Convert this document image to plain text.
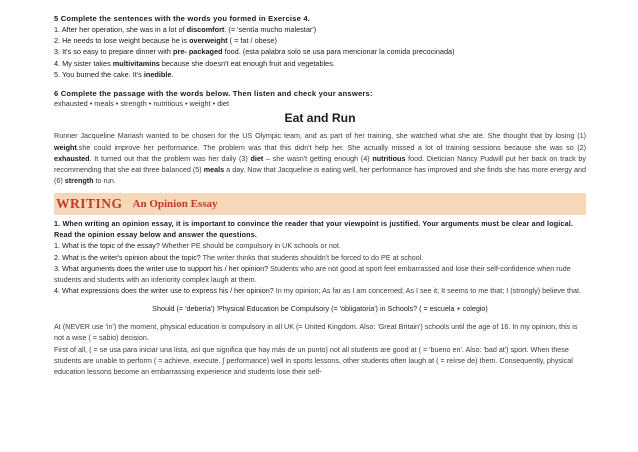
5 Complete the sentences with the words you formed in Exercise 4.

1. After her operation, she was in a lot of discomfort. (= 'sentía mucho malestar')
2. He needs to lose weight because he is overweight ( = fat / obese)
3. It's so easy to prepare dinner with pre- packaged food. (esta palabra solo se usa para mencionar la comida precocinada)
4. My sister takes multivitamins because she doesn't eat enough fruit and vegetables.
5. You burned the cake. It's inedible.

6 Complete the passage with the words below. Then listen and check your answers:

exhausted • meals • strength • nutritious • weight • diet
Eat and Run

Runner Jacqueline Mariash wanted to be chosen for the US Olympic team, and as part of her training, she watched what she ate. She thought that by losing (1) weight,she could improve her performance. The problem was that this didn't help her. She actually missed a lot of training sessions because she was so (2) exhausted. It turned out that the problem was her daily (3) diet – she wasn't getting enough (4) nutritious food. Dietician Nancy Pudwill put her back on track by recommending that she eat three balanced (5) meals a day. Now that Jacqueline is eating well, her performance has improved and she finds she has more energy and (6) strength to run.

WRITING An Opinion Essay

1. When writing an opinion essay, it is important to convince the reader that your viewpoint is justified. Your arguments must be clear and logical. Read the opinion essay below and answer the questions.

1. What is the topic of the essay? Whether PE should be compulsory in UK schools or not.

2. What is the writer's opinion about the topic? The writer thinks that students shouldn't be forced to do PE at school.

3. What arguments does the writer use to support his / her opinion? Students who are not good at sport feel embarrassed and lose their self-confidence when rude students and students with an inferiority complex laugh at them.

4. What expressions does the writer use to express his / her opinion? In my opinion; As far as I am concerned; As I see it; It seems to me that; I (strongly) believe that.

Should (= 'debería') 'Physical Education be Compulsory (= 'obligatoria') in Schools? ( = escuela + colegio)

At (NEVER use 'in') the moment, physical education is compulsory in all UK (= United Kingdom. Also: 'Great Britain') schools until the age of 16. In my opinion, this is not a wise ( = sabio) decision.

First of all, ( = se usa para iniciar una lista, así que significa que hay más de un punto) not all students are good at ( = 'bueno en'. Also: 'bad at') sport. When these students are unable to perform ( = achieve, execute. ∫ performance) well in sports lessons, other students often laugh at ( = reírse de) them. Consequently, physical education lessons become an embarrassing experience and students lose their self-
